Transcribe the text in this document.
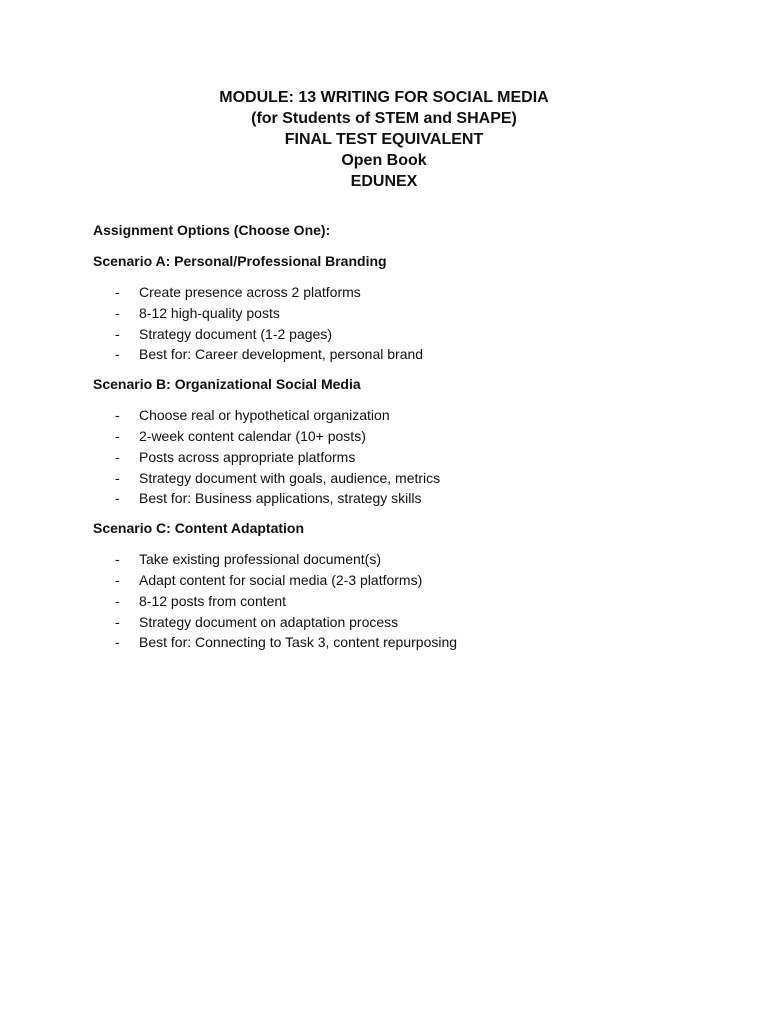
MODULE: 13 WRITING FOR SOCIAL MEDIA
(for Students of STEM and SHAPE)
FINAL TEST EQUIVALENT
Open Book
EDUNEX
Assignment Options (Choose One):
Scenario A: Personal/Professional Branding
- Create presence across 2 platforms
- 8-12 high-quality posts
- Strategy document (1-2 pages)
- Best for: Career development, personal brand
Scenario B: Organizational Social Media
- Choose real or hypothetical organization
- 2-week content calendar (10+ posts)
- Posts across appropriate platforms
- Strategy document with goals, audience, metrics
- Best for: Business applications, strategy skills
Scenario C: Content Adaptation
- Take existing professional document(s)
- Adapt content for social media (2-3 platforms)
- 8-12 posts from content
- Strategy document on adaptation process
- Best for: Connecting to Task 3, content repurposing
